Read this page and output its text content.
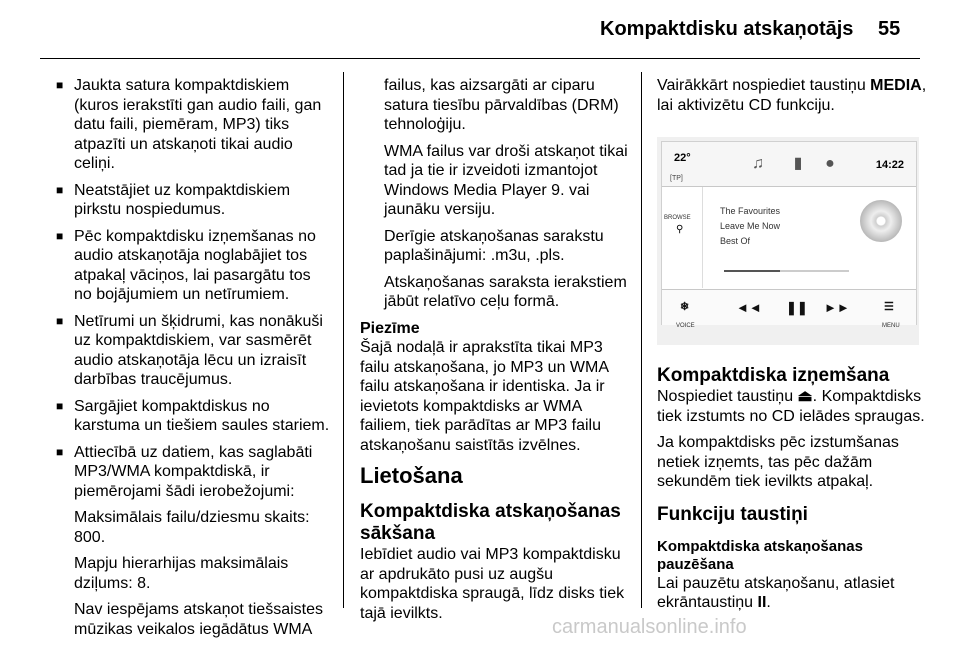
Kompaktdisku atskaņotājs 55
■ Jaukta satura kompaktdiskiem (kuros ierakstīti gan audio faili, gan datu faili, piemēram, MP3) tiks atpazīti un atskaņoti tikai audio celiņi.
■ Neatstājiet uz kompaktdiskiem pirkstu nospiedumus.
■ Pēc kompaktdisku izņemšanas no audio atskaņotāja noglabājiet tos atpakaļ vāciņos, lai pasargātu tos no bojājumiem un netīrumiem.
■ Netīrumi un šķidrumi, kas nonākuši uz kompaktdiskiem, var sasmērēt audio atskaņotāja lēcu un izraisīt darbības traucējumus.
■ Sargājiet kompaktdiskus no karstuma un tiešiem saules stariem.
■ Attiecībā uz datiem, kas saglabāti MP3/WMA kompaktdiskā, ir piemērojami šādi ierobežojumi:
Maksimālais failu/dziesmu skaits: 800.
Mapju hierarhijas maksimālais dziļums: 8.
Nav iespējams atskaņot tiešsaistes mūzikas veikalos iegādātus WMA
failus, kas aizsargāti ar ciparu satura tiesību pārvaldības (DRM) tehnoloģiju.
WMA failus var droši atskaņot tikai tad ja tie ir izveidoti izmantojot Windows Media Player 9. vai jaunāku versiju.
Derīgie atskaņošanas sarakstu paplašinājumi: .m3u, .pls.
Atskaņošanas saraksta ierakstiem jābūt relatīvo ceļu formā.

Piezīme

Šajā nodaļā ir aprakstīta tikai MP3 failu atskaņošana, jo MP3 un WMA failu atskaņošana ir identiska. Ja ir ievietots kompaktdisks ar WMA failiem, tiek parādītas ar MP3 failu atskaņošanu saistītās izvēlnes.

Lietošana
Kompaktdiska atskaņošanas sākšana

Iebīdiet audio vai MP3 kompaktdisku ar apdrukāto pusi uz augšu kompaktdiska spraugā, līdz disks tiek tajā ievilkts.

Vairākkārt nospiediet taustiņu MEDIA, lai aktivizētu CD funkciju.

22°
[TP]
♫	▮	●	14:22
BROWSE
⚲
The Favourites
Leave Me Now
Best Of
❄
VOICE
◄◄ ❚❚ ►►	☰
MENU
Kompaktdiska izņemšana

Nospiediet taustiņu ⏏. Kompaktdisks tiek izstumts no CD ielādes spraugas.

Ja kompaktdisks pēc izstumšanas netiek izņemts, tas pēc dažām sekundēm tiek ievilkts atpakaļ.

Funkciju taustiņi
Kompaktdiska atskaņošanas pauzēšana

Lai pauzētu atskaņošanu, atlasiet ekrāntaustiņu II.

carmanualsonline.info
